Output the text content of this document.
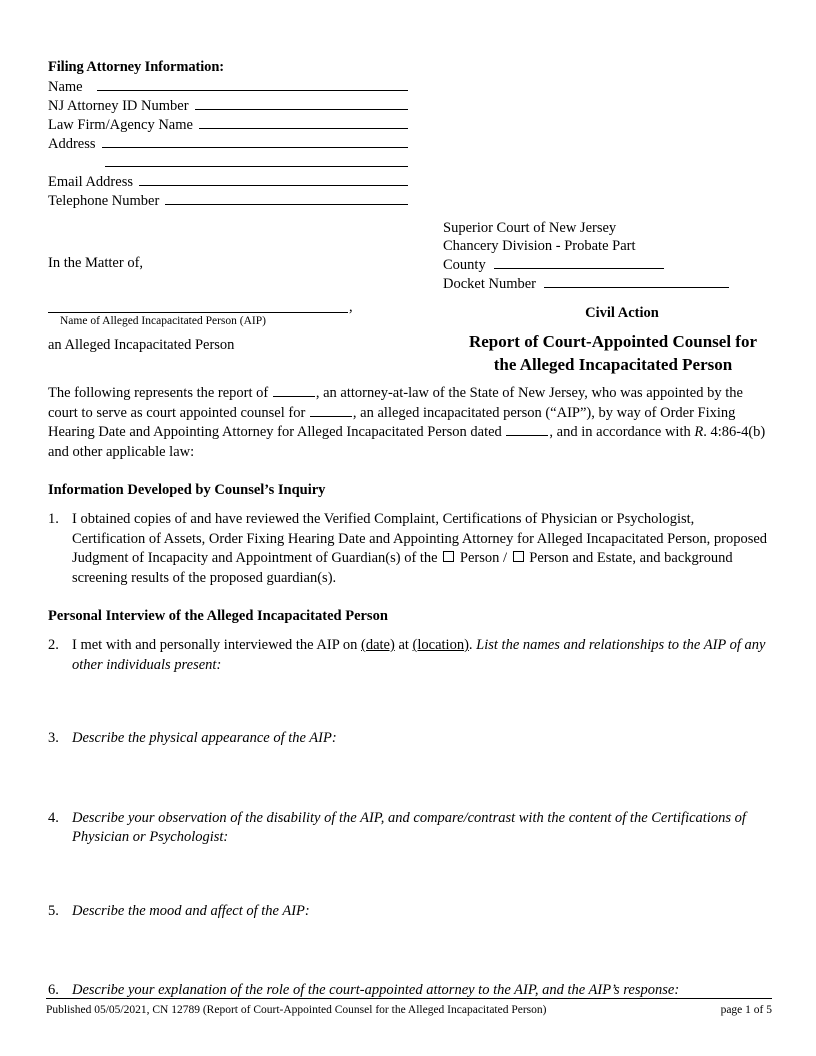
Filing Attorney Information:
Name
NJ Attorney ID Number
Law Firm/Agency Name
Address
Email Address
Telephone Number
In the Matter of,
,
Name of Alleged Incapacitated Person (AIP)
an Alleged Incapacitated Person
Superior Court of New Jersey
Chancery Division - Probate Part
County
Docket Number
Civil Action
Report of Court-Appointed Counsel for
the Alleged Incapacitated Person
The following represents the report of	, an attorney-at-law of the State of New Jersey, who was appointed by the court to serve as court appointed counsel for	, an alleged incapacitated person (“AIP”), by way of Order Fixing Hearing Date and Appointing Attorney for Alleged Incapacitated Person dated	, and in accordance with R. 4:86-4(b) and other applicable law:
Information Developed by Counsel’s Inquiry
1. I obtained copies of and have reviewed the Verified Complaint, Certifications of Physician or Psychologist, Certification of Assets, Order Fixing Hearing Date and Appointing Attorney for Alleged Incapacitated Person, proposed Judgment of Incapacity and Appointment of Guardian(s) of the  Person /  Person and Estate, and background screening results of the proposed guardian(s).
Personal Interview of the Alleged Incapacitated Person
2. I met with and personally interviewed the AIP on (date) at (location). List the names and relationships to the AIP of any other individuals present:
3. Describe the physical appearance of the AIP:
4. Describe your observation of the disability of the AIP, and compare/contrast with the content of the Certifications of Physician or Psychologist:
5. Describe the mood and affect of the AIP:
6. Describe your explanation of the role of the court-appointed attorney to the AIP, and the AIP’s response:
Published 05/05/2021, CN 12789 (Report of Court-Appointed Counsel for the Alleged Incapacitated Person)	page 1 of 5
